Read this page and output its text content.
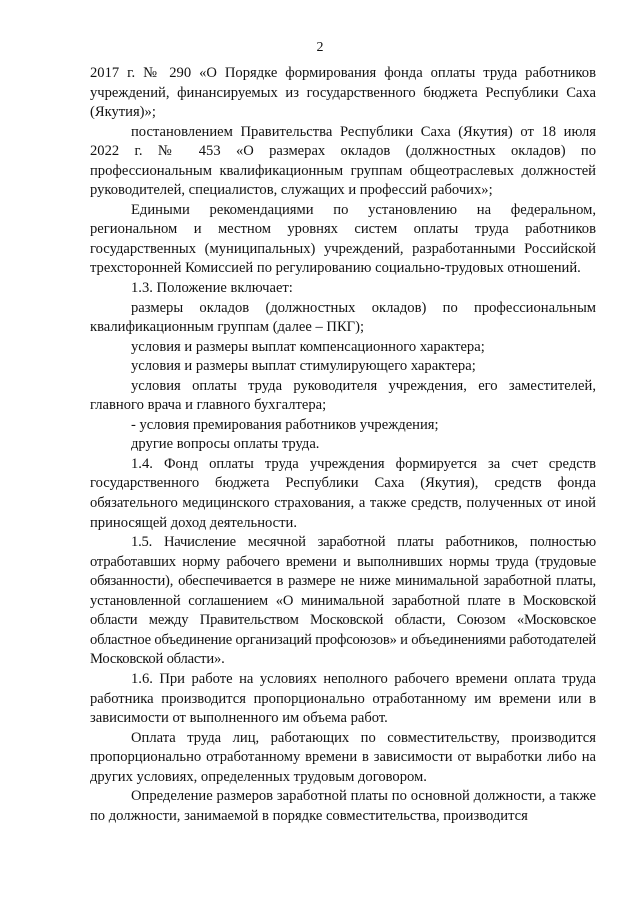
2

2017 г. № 290 «О Порядке формирования фонда оплаты труда работников учреждений, финансируемых из государственного бюджета Республики Саха (Якутия)»;

постановлением Правительства Республики Саха (Якутия) от 18 июля 2022 г. № 453 «О размерах окладов (должностных окладов) по профессиональным квалификационным группам общеотраслевых должностей руководителей, специалистов, служащих и профессий рабочих»;

Едиными рекомендациями по установлению на федеральном, региональном и местном уровнях систем оплаты труда работников государственных (муниципальных) учреждений, разработанными Российской трехсторонней Комиссией по регулированию социально-трудовых отношений.

1.3. Положение включает:

размеры окладов (должностных окладов) по профессиональным квалификационным группам (далее – ПКГ);

условия и размеры выплат компенсационного характера;

условия и размеры выплат стимулирующего характера;

условия оплаты труда руководителя учреждения, его заместителей, главного врача и главного бухгалтера;

- условия премирования работников учреждения;

другие вопросы оплаты труда.

1.4. Фонд оплаты труда учреждения формируется за счет средств государственного бюджета Республики Саха (Якутия), средств фонда обязательного медицинского страхования, а также средств, полученных от иной приносящей доход деятельности.

1.5. Начисление месячной заработной платы работников, полностью отработавших норму рабочего времени и выполнивших нормы труда (трудовые обязанности), обеспечивается в размере не ниже минимальной заработной платы, установленной соглашением «О минимальной заработной плате в Московской области между Правительством Московской области, Союзом «Московское областное объединение организаций профсоюзов» и объединениями работодателей Московской области».

1.6. При работе на условиях неполного рабочего времени оплата труда работника производится пропорционально отработанному им времени или в зависимости от выполненного им объема работ.

Оплата труда лиц, работающих по совместительству, производится пропорционально отработанному времени в зависимости от выработки либо на других условиях, определенных трудовым договором.

Определение размеров заработной платы по основной должности, а также по должности, занимаемой в порядке совместительства, производится
